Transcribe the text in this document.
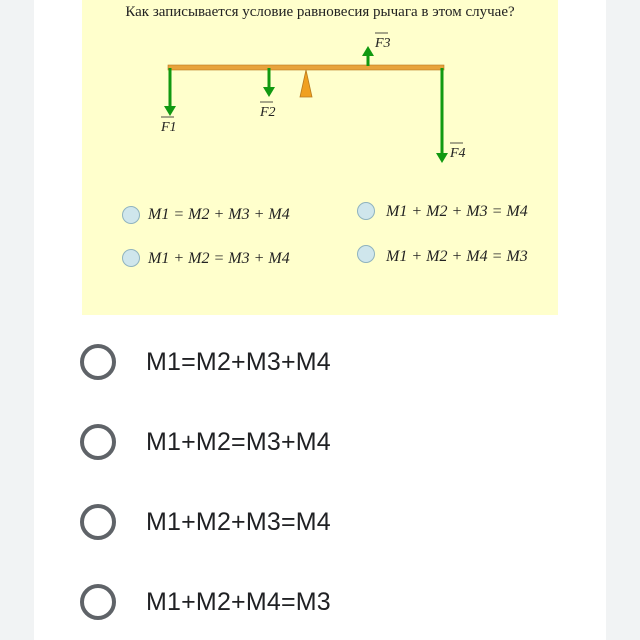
Как записывается условие равновесия рычага в этом случае?
F1
F2
F3
F4
M1 = M2 + M3 + M4	M1 + M2 + M3 = M4
M1 + M2 = M3 + M4	M1 + M2 + M4 = M3
M1=M2+M3+M4
M1+M2=M3+M4
M1+M2+M3=M4
M1+M2+M4=M3
